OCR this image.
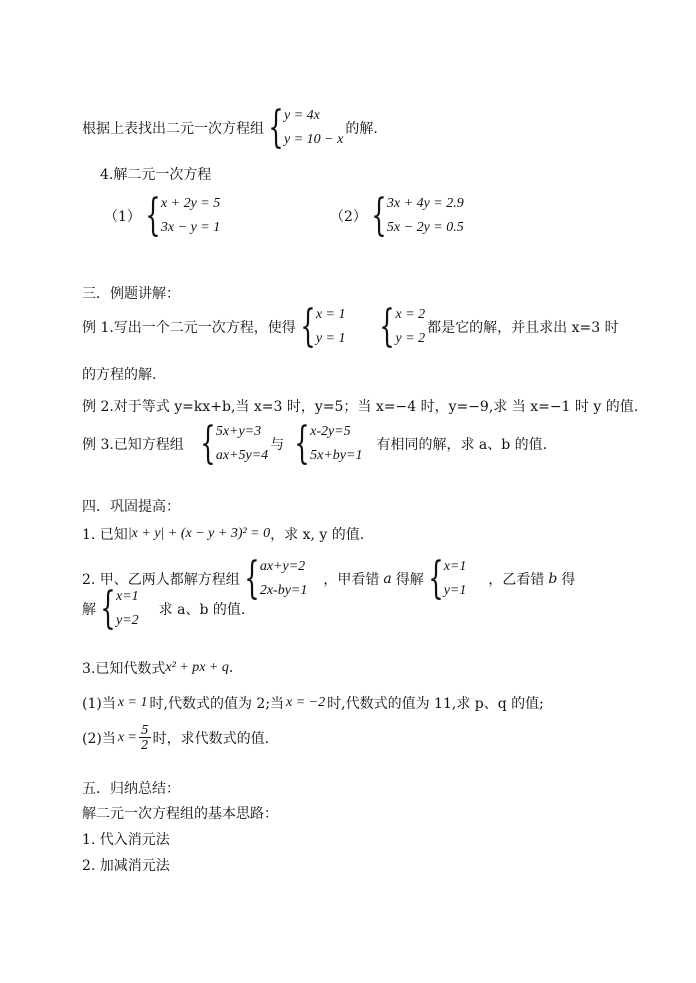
根据上表找出二元一次方程组 { y = 4x
y = 10 − x
的解.
4.解二元一次方程
（1） { x + 2y = 5
3x − y = 1
（2） { 3x + 4y = 2.9
5x − 2y = 0.5
三．例题讲解：
例 1.写出一个二元一次方程，使得 { x = 1
y = 1 { x = 2
y = 2
都是它的解，并且求出 x=3 时
的方程的解.
例 2.对于等式 y=kx+b,当 x=3 时，y=5；当 x=−4 时，y=−9,求 当 x=−1 时 y 的值.
例 3.已知方程组 { 5x+y=3
ax+5y=4
与 { x-2y=5
5x+by=1
有相同的解，求 a、b 的值.
四．巩固提高：
1. 已知 |x + y| + (x − y + 3)² = 0 ，求 x, y 的值.
2. 甲、乙两人都解方程组 { ax+y=2
2x-by=1
，甲看错 a 得解 { x=1
y=1
，乙看错 b 得
解 { x=1
y=2
求 a、b 的值.
3.已知代数式 x² + px + q .
(1)当 x = 1 时,代数式的值为 2;当 x = −2 时,代数式的值为 11,求 p、q 的值;
(2)当 $x = \frac{5}{2}$ 时，求代数式的值.
五．归纳总结：
解二元一次方程组的基本思路：
1. 代入消元法
2. 加减消元法
